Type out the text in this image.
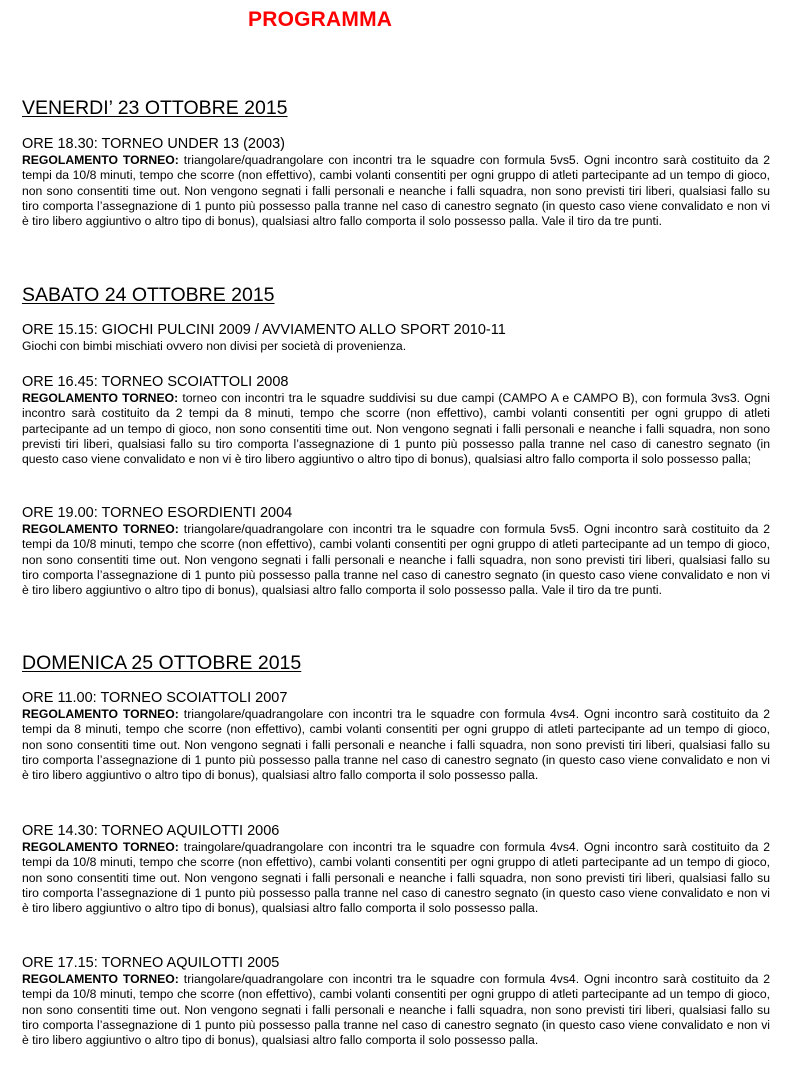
PROGRAMMA
VENERDI’ 23 OTTOBRE 2015

ORE 18.30: TORNEO UNDER 13 (2003)

REGOLAMENTO TORNEO: triangolare/quadrangolare con incontri tra le squadre con formula 5vs5. Ogni incontro sarà costituito da 2 tempi da 10/8 minuti, tempo che scorre (non effettivo), cambi volanti consentiti per ogni gruppo di atleti partecipante ad un tempo di gioco, non sono consentiti time out. Non vengono segnati i falli personali e neanche i falli squadra, non sono previsti tiri liberi, qualsiasi fallo su tiro comporta l’assegnazione di 1 punto più possesso palla tranne nel caso di canestro segnato (in questo caso viene convalidato e non vi è tiro libero aggiuntivo o altro tipo di bonus), qualsiasi altro fallo comporta il solo possesso palla. Vale il tiro da tre punti.

SABATO 24 OTTOBRE 2015

ORE 15.15: GIOCHI PULCINI 2009 / AVVIAMENTO ALLO SPORT 2010-11

Giochi con bimbi mischiati ovvero non divisi per società di provenienza.

ORE 16.45: TORNEO SCOIATTOLI 2008

REGOLAMENTO TORNEO: torneo con incontri tra le squadre suddivisi su due campi (CAMPO A e CAMPO B), con formula 3vs3. Ogni incontro sarà costituito da 2 tempi da 8 minuti, tempo che scorre (non effettivo), cambi volanti consentiti per ogni gruppo di atleti partecipante ad un tempo di gioco, non sono consentiti time out. Non vengono segnati i falli personali e neanche i falli squadra, non sono previsti tiri liberi, qualsiasi fallo su tiro comporta l’assegnazione di 1 punto più possesso palla tranne nel caso di canestro segnato (in questo caso viene convalidato e non vi è tiro libero aggiuntivo o altro tipo di bonus), qualsiasi altro fallo comporta il solo possesso palla;

ORE 19.00: TORNEO ESORDIENTI 2004

REGOLAMENTO TORNEO: triangolare/quadrangolare con incontri tra le squadre con formula 5vs5. Ogni incontro sarà costituito da 2 tempi da 10/8 minuti, tempo che scorre (non effettivo), cambi volanti consentiti per ogni gruppo di atleti partecipante ad un tempo di gioco, non sono consentiti time out. Non vengono segnati i falli personali e neanche i falli squadra, non sono previsti tiri liberi, qualsiasi fallo su tiro comporta l’assegnazione di 1 punto più possesso palla tranne nel caso di canestro segnato (in questo caso viene convalidato e non vi è tiro libero aggiuntivo o altro tipo di bonus), qualsiasi altro fallo comporta il solo possesso palla. Vale il tiro da tre punti.

DOMENICA 25 OTTOBRE 2015

ORE 11.00: TORNEO SCOIATTOLI 2007

REGOLAMENTO TORNEO: triangolare/quadrangolare con incontri tra le squadre con formula 4vs4. Ogni incontro sarà costituito da 2 tempi da 8 minuti, tempo che scorre (non effettivo), cambi volanti consentiti per ogni gruppo di atleti partecipante ad un tempo di gioco, non sono consentiti time out. Non vengono segnati i falli personali e neanche i falli squadra, non sono previsti tiri liberi, qualsiasi fallo su tiro comporta l’assegnazione di 1 punto più possesso palla tranne nel caso di canestro segnato (in questo caso viene convalidato e non vi è tiro libero aggiuntivo o altro tipo di bonus), qualsiasi altro fallo comporta il solo possesso palla.

ORE 14.30: TORNEO AQUILOTTI 2006

REGOLAMENTO TORNEO: traingolare/quadrangolare con incontri tra le squadre con formula 4vs4. Ogni incontro sarà costituito da 2 tempi da 10/8 minuti, tempo che scorre (non effettivo), cambi volanti consentiti per ogni gruppo di atleti partecipante ad un tempo di gioco, non sono consentiti time out. Non vengono segnati i falli personali e neanche i falli squadra, non sono previsti tiri liberi, qualsiasi fallo su tiro comporta l’assegnazione di 1 punto più possesso palla tranne nel caso di canestro segnato (in questo caso viene convalidato e non vi è tiro libero aggiuntivo o altro tipo di bonus), qualsiasi altro fallo comporta il solo possesso palla.

ORE 17.15: TORNEO AQUILOTTI 2005

REGOLAMENTO TORNEO: triangolare/quadrangolare con incontri tra le squadre con formula 4vs4. Ogni incontro sarà costituito da 2 tempi da 10/8 minuti, tempo che scorre (non effettivo), cambi volanti consentiti per ogni gruppo di atleti partecipante ad un tempo di gioco, non sono consentiti time out. Non vengono segnati i falli personali e neanche i falli squadra, non sono previsti tiri liberi, qualsiasi fallo su tiro comporta l’assegnazione di 1 punto più possesso palla tranne nel caso di canestro segnato (in questo caso viene convalidato e non vi è tiro libero aggiuntivo o altro tipo di bonus), qualsiasi altro fallo comporta il solo possesso palla.
